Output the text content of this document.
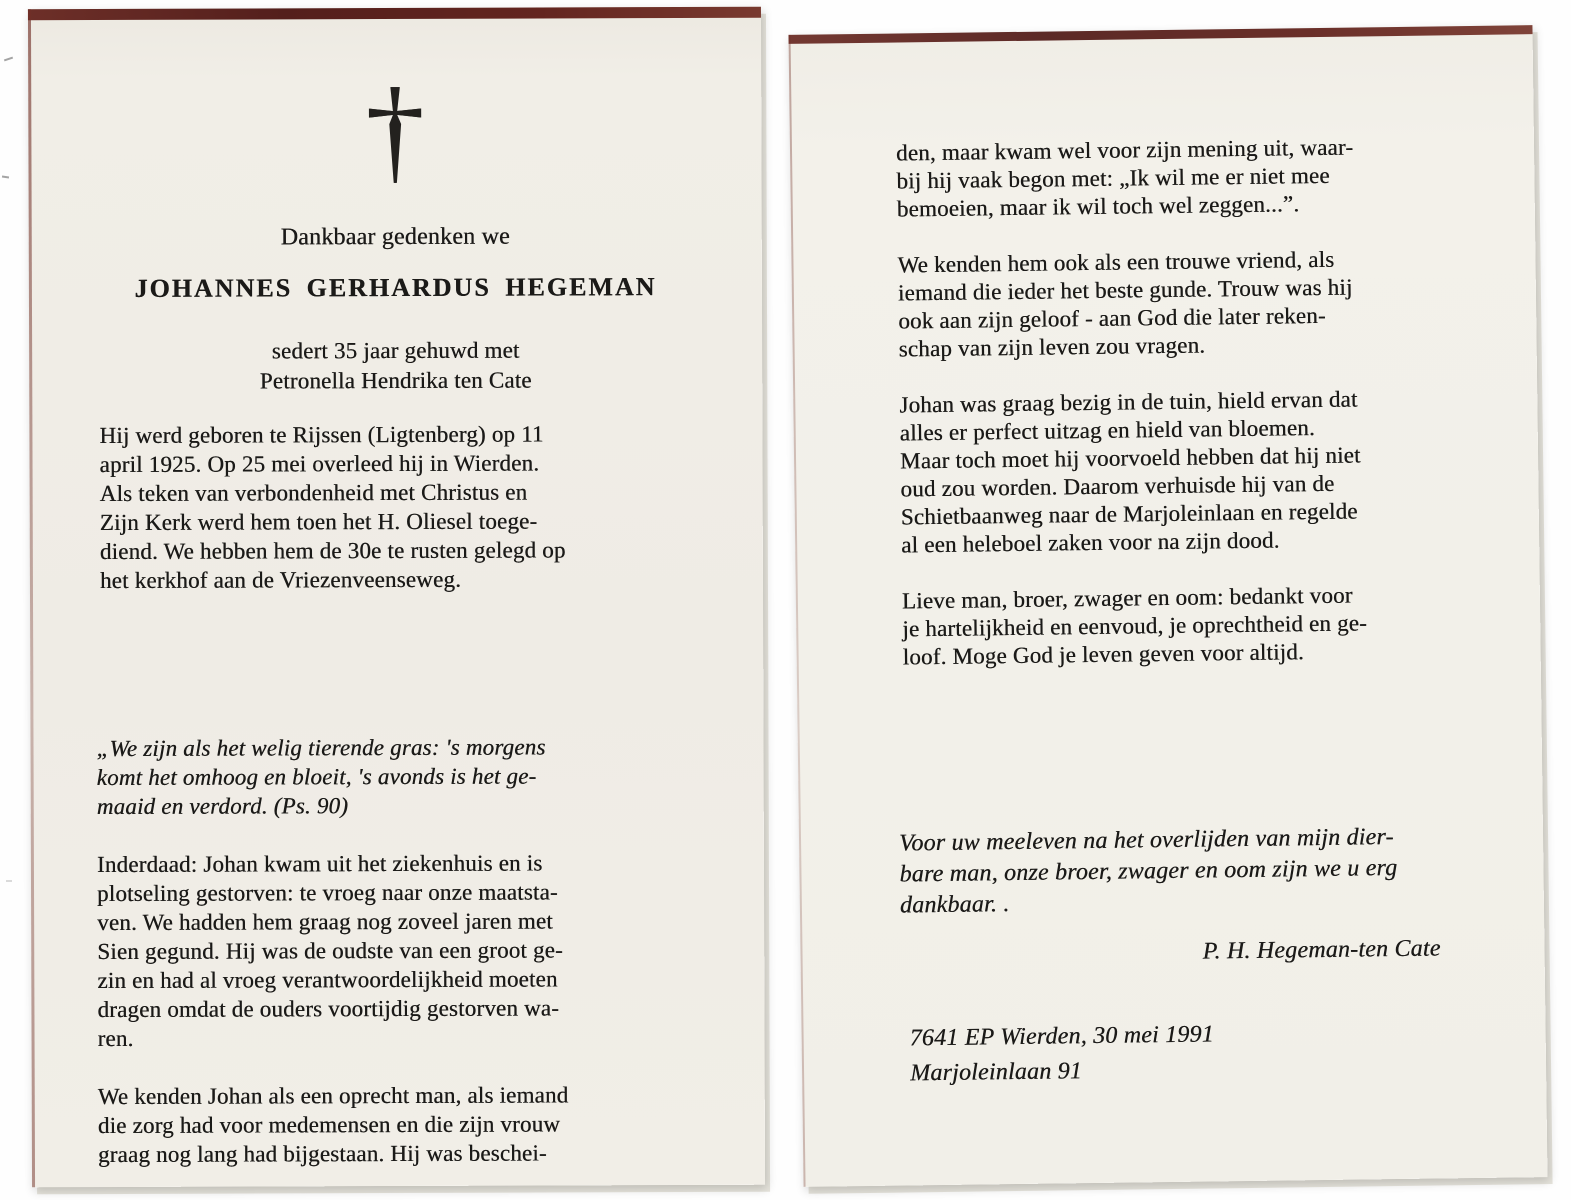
†
Dankbaar gedenken we
JOHANNES GERHARDUS HEGEMAN
sedert 35 jaar gehuwd met
Petronella Hendrika ten Cate
Hij werd geboren te Rijssen (Ligtenberg) op 11
april 1925. Op 25 mei overleed hij in Wierden.
Als teken van verbondenheid met Christus en
Zijn Kerk werd hem toen het H. Oliesel toege-
diend. We hebben hem de 30e te rusten gelegd op
het kerkhof aan de Vriezenveenseweg.

„We zijn als het welig tierende gras: 's morgens
komt het omhoog en bloeit, 's avonds is het ge-
maaid en verdord. (Ps. 90)

Inderdaad: Johan kwam uit het ziekenhuis en is
plotseling gestorven: te vroeg naar onze maatsta-
ven. We hadden hem graag nog zoveel jaren met
Sien gegund. Hij was de oudste van een groot ge-
zin en had al vroeg verantwoordelijkheid moeten
dragen omdat de ouders voortijdig gestorven wa-
ren.

We kenden Johan als een oprecht man, als iemand
die zorg had voor medemensen en die zijn vrouw
graag nog lang had bijgestaan. Hij was beschei-

den, maar kwam wel voor zijn mening uit, waar-
bij hij vaak begon met: „Ik wil me er niet mee
bemoeien, maar ik wil toch wel zeggen...”.

We kenden hem ook als een trouwe vriend, als
iemand die ieder het beste gunde. Trouw was hij
ook aan zijn geloof - aan God die later reken-
schap van zijn leven zou vragen.

Johan was graag bezig in de tuin, hield ervan dat
alles er perfect uitzag en hield van bloemen.
Maar toch moet hij voorvoeld hebben dat hij niet
oud zou worden. Daarom verhuisde hij van de
Schietbaanweg naar de Marjoleinlaan en regelde
al een heleboel zaken voor na zijn dood.

Lieve man, broer, zwager en oom: bedankt voor
je hartelijkheid en eenvoud, je oprechtheid en ge-
loof. Moge God je leven geven voor altijd.

Voor uw meeleven na het overlijden van mijn dier-
bare man, onze broer, zwager en oom zijn we u erg
dankbaar. .
P. H. Hegeman-ten Cate
7641 EP Wierden, 30 mei 1991
Marjoleinlaan 91
